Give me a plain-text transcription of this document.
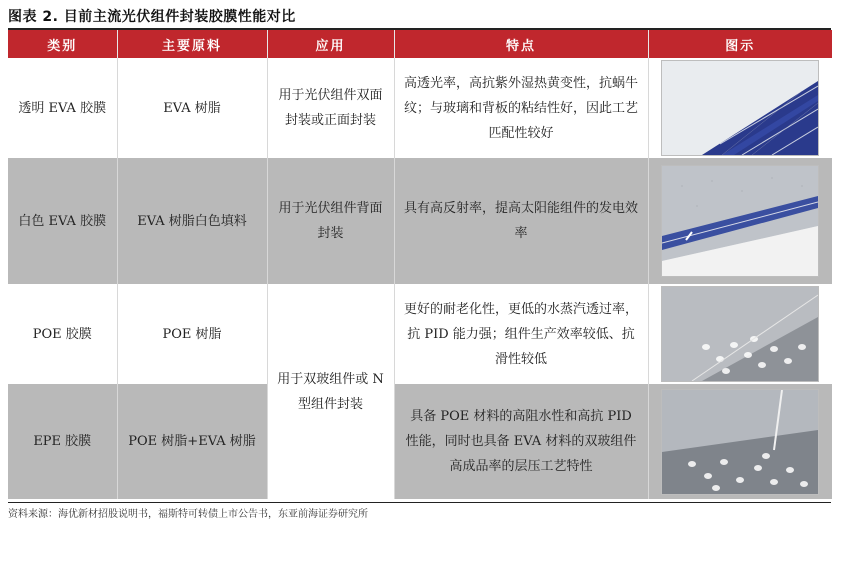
图表 2. 目前主流光伏组件封装胶膜性能对比
类别	主要原料	应用	特点	图示
透明 EVA 胶膜	EVA 树脂	用于光伏组件双面封装或正面封装	高透光率，高抗紫外湿热黄变性，抗蜗牛纹；与玻璃和背板的粘结性好，因此工艺匹配性较好	

白色 EVA 胶膜	EVA 树脂白色填料	用于光伏组件背面封装	具有高反射率，提高太阳能组件的发电效率	

POE 胶膜	POE 树脂	用于双玻组件或 N 型组件封装	更好的耐老化性，更低的水蒸汽透过率，抗 PID 能力强；组件生产效率较低、抗滑性较低	

EPE 胶膜	POE 树脂+EVA 树脂		具备 POE 材料的高阻水性和高抗 PID 性能，同时也具备 EVA 材料的双玻组件高成品率的层压工艺特性	
资料来源：海优新材招股说明书，福斯特可转债上市公告书，东亚前海证券研究所
